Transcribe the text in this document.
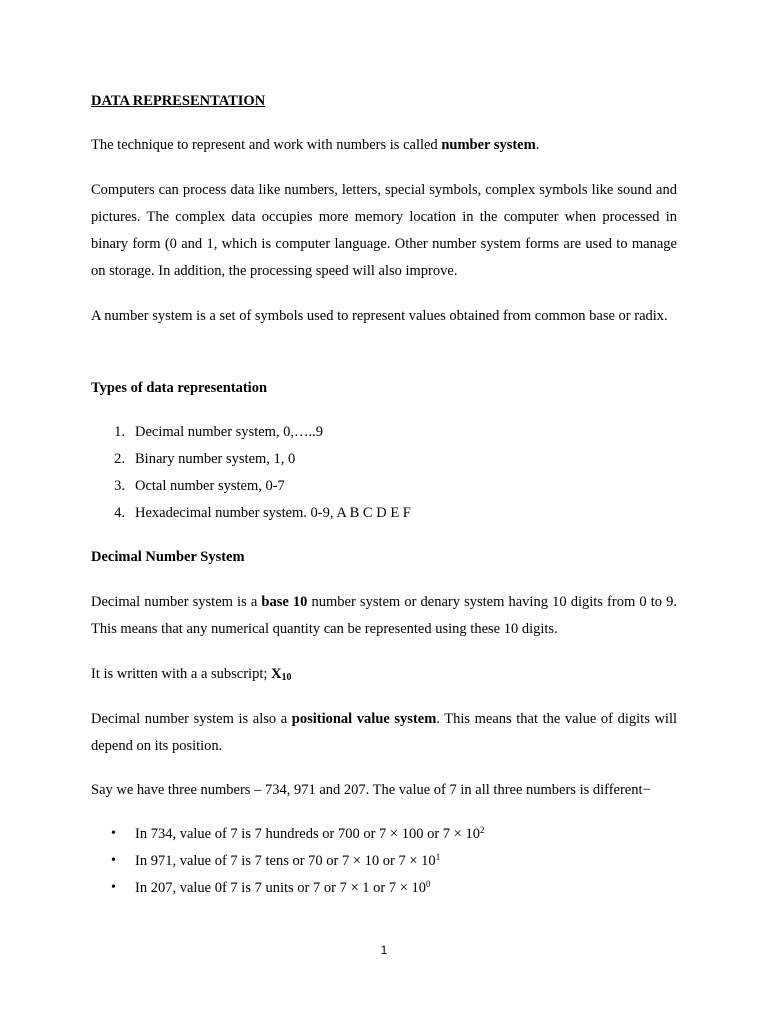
DATA REPRESENTATION

The technique to represent and work with numbers is called number system.

Computers can process data like numbers, letters, special symbols, complex symbols like sound and pictures. The complex data occupies more memory location in the computer when processed in binary form (0 and 1, which is computer language. Other number system forms are used to manage on storage. In addition, the processing speed will also improve.

A number system is a set of symbols used to represent values obtained from common base or radix.

Types of data representation
1. Decimal number system, 0,…..9
2. Binary number system, 1, 0
3. Octal number system, 0-7
4. Hexadecimal number system. 0-9, A B C D E F
Decimal Number System

Decimal number system is a base 10 number system or denary system having 10 digits from 0 to 9. This means that any numerical quantity can be represented using these 10 digits.

It is written with a a subscript; X10

Decimal number system is also a positional value system. This means that the value of digits will depend on its position.

Say we have three numbers – 734, 971 and 207. The value of 7 in all three numbers is different−

• In 734, value of 7 is 7 hundreds or 700 or 7 × 100 or $7 \times 10^2$
• In 971, value of 7 is 7 tens or 70 or 7 × 10 or $7 \times 10^1$
• In 207, value 0f 7 is 7 units or 7 or 7 × 1 or $7 \times 10^0$
1
